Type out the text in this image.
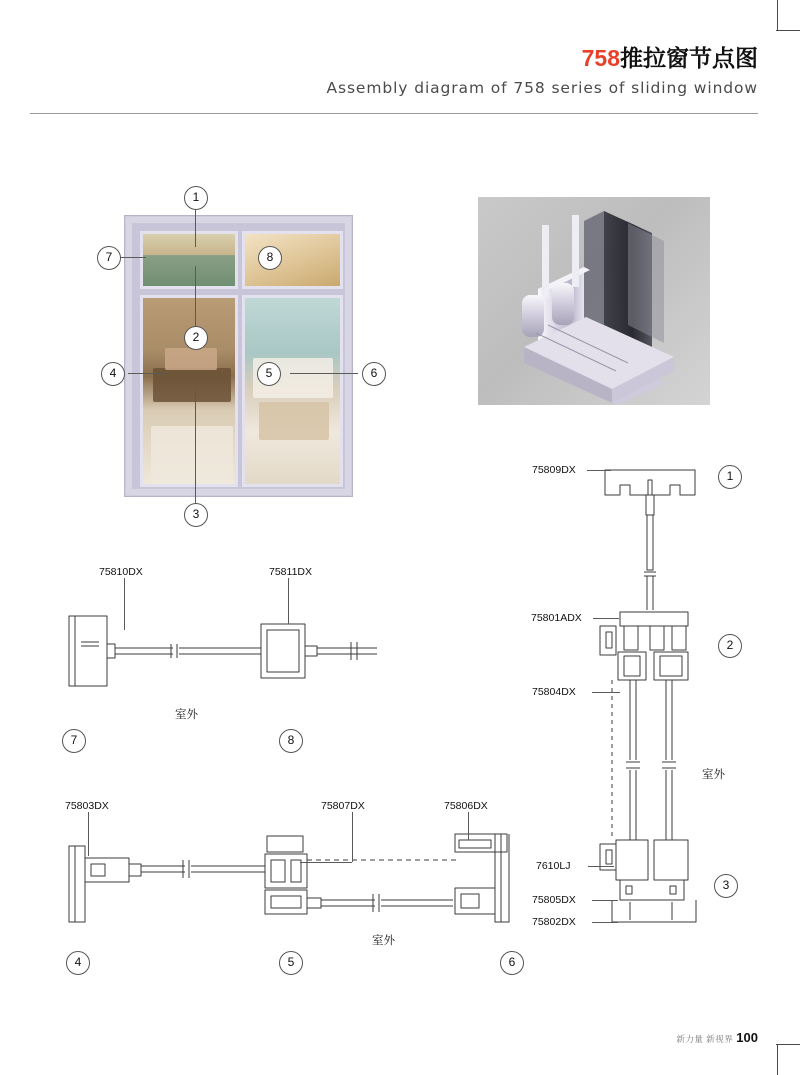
758推拉窗节点图
Assembly diagram of 758 series of sliding window
1
7	8
2
4	5	6
3
75809DX
75801ADX
75804DX
7610LJ
75805DX
75802DX
室外
1
2
3
75810DX	75811DX
室外
7	8
75803DX	75807DX	75806DX
室外
4	5	6
新力量 新视界 100
